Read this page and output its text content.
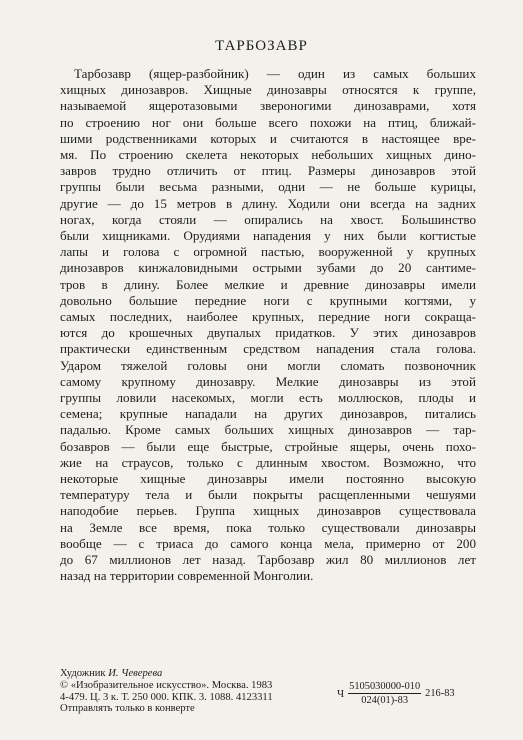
ТАРБОЗАВР
Тарбозавр (ящер-разбойник) — один из самых больших
хищных динозавров. Хищные динозавры относятся к группе,
называемой ящеротазовыми звероногими динозаврами, хотя
по строению ног они больше всего похожи на птиц, ближай-
шими родственниками которых и считаются в настоящее вре-
мя. По строению скелета некоторых небольших хищных дино-
завров трудно отличить от птиц. Размеры динозавров этой
группы были весьма разными, одни — не больше курицы,
другие — до 15 метров в длину. Ходили они всегда на задних
ногах, когда стояли — опирались на хвост. Большинство
были хищниками. Орудиями нападения у них были когтистые
лапы и голова с огромной пастью, вооруженной у крупных
динозавров кинжаловидными острыми зубами до 20 сантиме-
тров в длину. Более мелкие и древние динозавры имели
довольно большие передние ноги с крупными когтями, у
самых последних, наиболее крупных, передние ноги сокраща-
ются до крошечных двупалых придатков. У этих динозавров
практически единственным средством нападения стала голова.
Ударом тяжелой головы они могли сломать позвоночник
самому крупному динозавру. Мелкие динозавры из этой
группы ловили насекомых, могли есть моллюсков, плоды и
семена; крупные нападали на других динозавров, питались
падалью. Кроме самых больших хищных динозавров — тар-
бозавров — были еще быстрые, стройные ящеры, очень похо-
жие на страусов, только с длинным хвостом. Возможно, что
некоторые хищные динозавры имели постоянно высокую
температуру тела и были покрыты расщепленными чешуями
наподобие перьев. Группа хищных динозавров существовала
на Земле все время, пока только существовали динозавры
вообще — с триаса до самого конца мела, примерно от 200
до 67 миллионов лет назад. Тарбозавр жил 80 миллионов лет
назад на территории современной Монголии.
Художник И. Чеверева
© «Изобразительное искусство». Москва. 1983
4-479. Ц. 3 к. Т. 250 000. КПК. 3. 1088. 4123311
Отправлять только в конверте
Ч $\frac{5105030000-010}{024(01)-83} 216-83$
